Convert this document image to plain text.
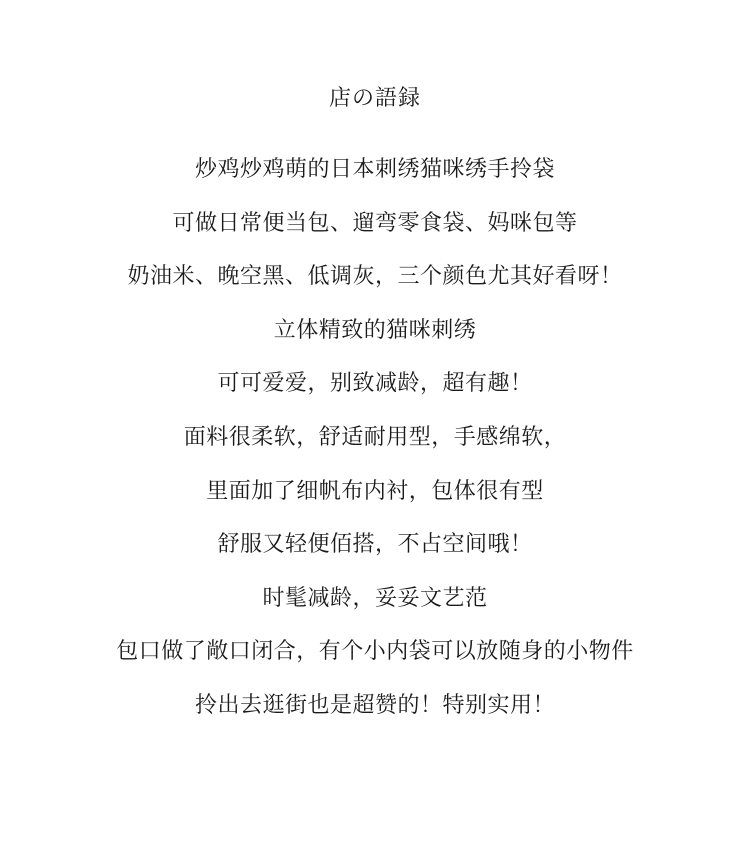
店の語録
炒鸡炒鸡萌的日本刺绣猫咪绣手拎袋
可做日常便当包、遛弯零食袋、妈咪包等
奶油米、晚空黑、低调灰，三个颜色尤其好看呀！
立体精致的猫咪刺绣
可可爱爱，别致减龄，超有趣！
面料很柔软，舒适耐用型，手感绵软，
里面加了细帆布内衬，包体很有型
舒服又轻便佰搭，不占空间哦！
时髦减龄，妥妥文艺范
包口做了敞口闭合，有个小内袋可以放随身的小物件
拎出去逛街也是超赞的！特别实用！
